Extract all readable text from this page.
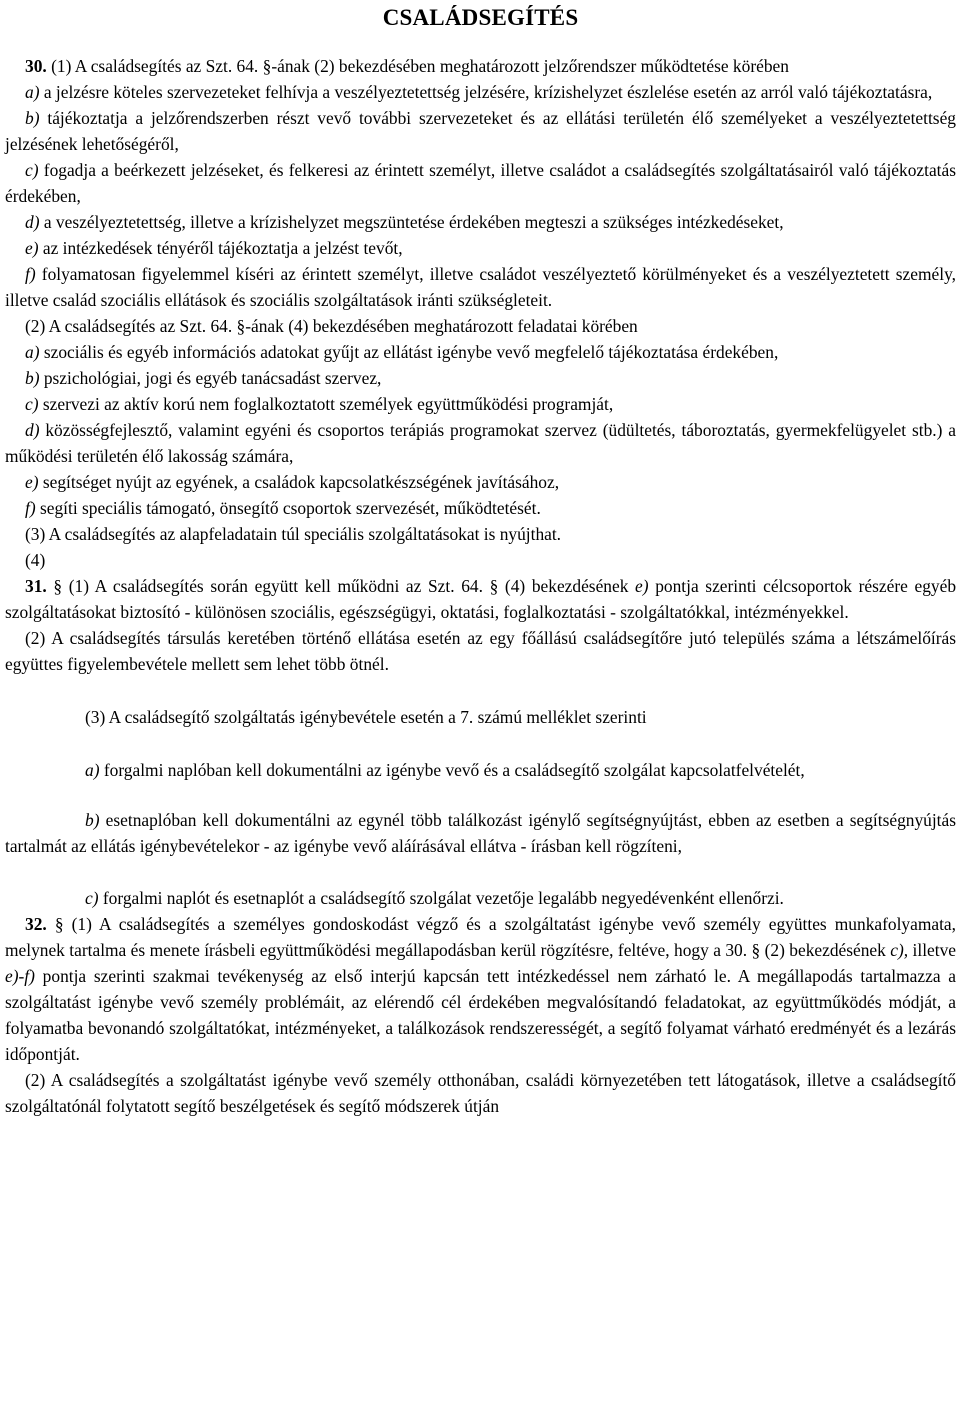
CSALÁDSEGÍTÉS

30. (1) A családsegítés az Szt. 64. §-ának (2) bekezdésében meghatározott jelzőrendszer működtetése körében

a) a jelzésre köteles szervezeteket felhívja a veszélyeztetettség jelzésére, krízishelyzet észlelése esetén az arról való tájékoztatásra,

b) tájékoztatja a jelzőrendszerben részt vevő további szervezeteket és az ellátási területén élő személyeket a veszélyeztetettség jelzésének lehetőségéről,

c) fogadja a beérkezett jelzéseket, és felkeresi az érintett személyt, illetve családot a családsegítés szolgáltatásairól való tájékoztatás érdekében,

d) a veszélyeztetettség, illetve a krízishelyzet megszüntetése érdekében megteszi a szükséges intézkedéseket,

e) az intézkedések tényéről tájékoztatja a jelzést tevőt,

f) folyamatosan figyelemmel kíséri az érintett személyt, illetve családot veszélyeztető körülményeket és a veszélyeztetett személy, illetve család szociális ellátások és szociális szolgáltatások iránti szükségleteit.

(2) A családsegítés az Szt. 64. §-ának (4) bekezdésében meghatározott feladatai körében

a) szociális és egyéb információs adatokat gyűjt az ellátást igénybe vevő megfelelő tájékoztatása érdekében,

b) pszichológiai, jogi és egyéb tanácsadást szervez,

c) szervezi az aktív korú nem foglalkoztatott személyek együttműködési programját,

d) közösségfejlesztő, valamint egyéni és csoportos terápiás programokat szervez (üdültetés, táboroztatás, gyermekfelügyelet stb.) a működési területén élő lakosság számára,

e) segítséget nyújt az egyének, a családok kapcsolatkészségének javításához,

f) segíti speciális támogató, önsegítő csoportok szervezését, működtetését.

(3) A családsegítés az alapfeladatain túl speciális szolgáltatásokat is nyújthat.

(4)

31. § (1) A családsegítés során együtt kell működni az Szt. 64. § (4) bekezdésének e) pontja szerinti célcsoportok részére egyéb szolgáltatásokat biztosító - különösen szociális, egészségügyi, oktatási, foglalkoztatási - szolgáltatókkal, intézményekkel.

(2) A családsegítés társulás keretében történő ellátása esetén az egy főállású családsegítőre jutó település száma a létszámelőírás együttes figyelembevétele mellett sem lehet több ötnél.

(3) A családsegítő szolgáltatás igénybevétele esetén a 7. számú melléklet szerinti

a) forgalmi naplóban kell dokumentálni az igénybe vevő és a családsegítő szolgálat kapcsolatfelvételét,

b) esetnaplóban kell dokumentálni az egynél több találkozást igénylő segítségnyújtást, ebben az esetben a segítségnyújtás tartalmát az ellátás igénybevételekor - az igénybe vevő aláírásával ellátva - írásban kell rögzíteni,

c) forgalmi naplót és esetnaplót a családsegítő szolgálat vezetője legalább negyedévenként ellenőrzi.

32. § (1) A családsegítés a személyes gondoskodást végző és a szolgáltatást igénybe vevő személy együttes munkafolyamata, melynek tartalma és menete írásbeli együttműködési megállapodásban kerül rögzítésre, feltéve, hogy a 30. § (2) bekezdésének c), illetve e)-f) pontja szerinti szakmai tevékenység az első interjú kapcsán tett intézkedéssel nem zárható le. A megállapodás tartalmazza a szolgáltatást igénybe vevő személy problémáit, az elérendő cél érdekében megvalósítandó feladatokat, az együttműködés módját, a folyamatba bevonandó szolgáltatókat, intézményeket, a találkozások rendszerességét, a segítő folyamat várható eredményét és a lezárás időpontját.

(2) A családsegítés a szolgáltatást igénybe vevő személy otthonában, családi környezetében tett látogatások, illetve a családsegítő szolgáltatónál folytatott segítő beszélgetések és segítő módszerek útján
